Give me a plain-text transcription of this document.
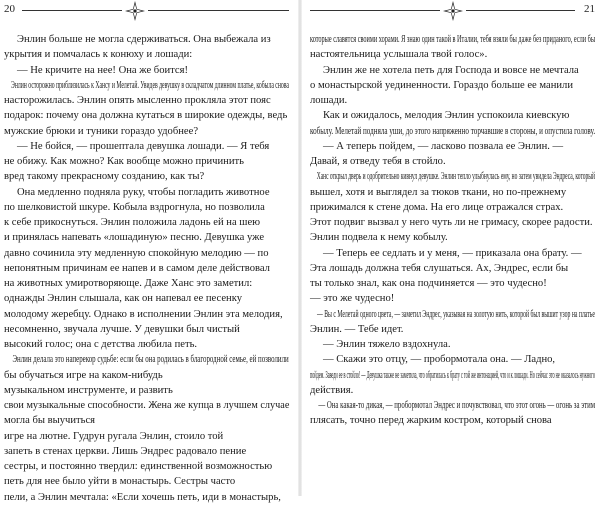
20

Энлин больше не могла сдерживаться. Она выбежала из

укрытия и помчалась к конюху и лошади:

— Не кричите на нее! Она же боится!

Энлин осторожно приблизилась к Хансу и Мелетай. Увидев девушку в складчатом длинном платье, кобыла снова

насторожилась. Энлин опять мысленно прокляла этот пояс

подарок: почему она должна кутаться в широкие одежды, ведь

мужские брюки и туники гораздо удобнее?

— Не бойся, — прошептала девушка лошади. — Я тебя

не обижу. Как можно? Как вообще можно причинить

вред такому прекрасному созданию, как ты?

Она медленно подняла руку, чтобы погладить животное

по шелковистой шкуре. Кобыла вздрогнула, но позволила

к себе прикоснуться. Энлин положила ладонь ей на шею

и принялась напевать «лошадиную» песню. Девушка уже

давно сочинила эту медленную спокойную мелодию — по

непонятным причинам ее напев и в самом деле действовал

на животных умиротворяюще. Даже Ханс это заметил:

однажды Энлин слышала, как он напевал ее песенку

молодому жеребцу. Однако в исполнении Энлин эта мелодия,

несомненно, звучала лучше. У девушки был чистый

высокий голос; она с детства любила петь.

Энлин делала это наперекор судьбе: если бы она родилась в благородной семье, ей позволили

бы обучаться игре на каком-нибудь

музыкальном инструменте, и развить

свои музыкальные способности. Жена же купца в лучшем случае

могла бы выучиться

игре на лютне. Гудрун ругала Энлин, стоило той

запеть в стенах церкви. Лишь Эндрес радовало пение

сестры, и постоянно твердил: единственной возможностью

петь для нее было уйти в монастырь. Сестры часто

пели, а Энлин мечтала: «Если хочешь петь, иди в монастырь,

21

которые славятся своими хорами. Я знаю один такой в Италии, тебя взяли бы даже без приданого, если бы

настоятельница услышала твой голос».

Энлин же не хотела петь для Господа и вовсе не мечтала

о монастырской уединенности. Гораздо больше ее манили

лошади.

Как и ожидалось, мелодия Энлин успокоила киевскую

кобылу. Мелетай подняла уши, до этого напряженно торчавшие в стороны, и опустила голову.

— А теперь пойдем, — ласково позвала ее Энлин. —

Давай, я отведу тебя в стойло.

Ханс открыл дверь и одобрительно кивнул девушке. Энлин тепло улыбнулась ему, но затем увидела Эндреса, который

вышел, хотя и выглядел за тюков ткани, но по-прежнему

прижимался к стене дома. На его лице отражался страх.

Этот подвиг вызвал у него чуть ли не гримасу, скорее радости.

Энлин подвела к нему кобылу.

— Теперь ее седлать и у меня, — приказала она брату. —

Эта лошадь должна тебя слушаться. Ах, Эндрес, если бы

ты только знал, как она подчиняется — это чудесно!

— это же чудесно!

— Вы с Мелетай одного цвета, — заметил Эндрес, указывая на золотую нить, которой был вышит узор на платье

Энлин. — Тебе идет.

— Энлин тяжело вздохнула.

— Скажи это отцу, — пробормотала она. — Ладно,

пойдем. Заведи ее в стойло! — Девушка также не заметила, что обратилась к брату с той же интонацией, что и к лошади. Но сейчас это не оказалось нужного

действия.

— Она какая-то дикая, — пробормотал Эндрес и почувствовал, что этот огонь — огонь за этим

плясать, точно перед жарким костром, который снова
